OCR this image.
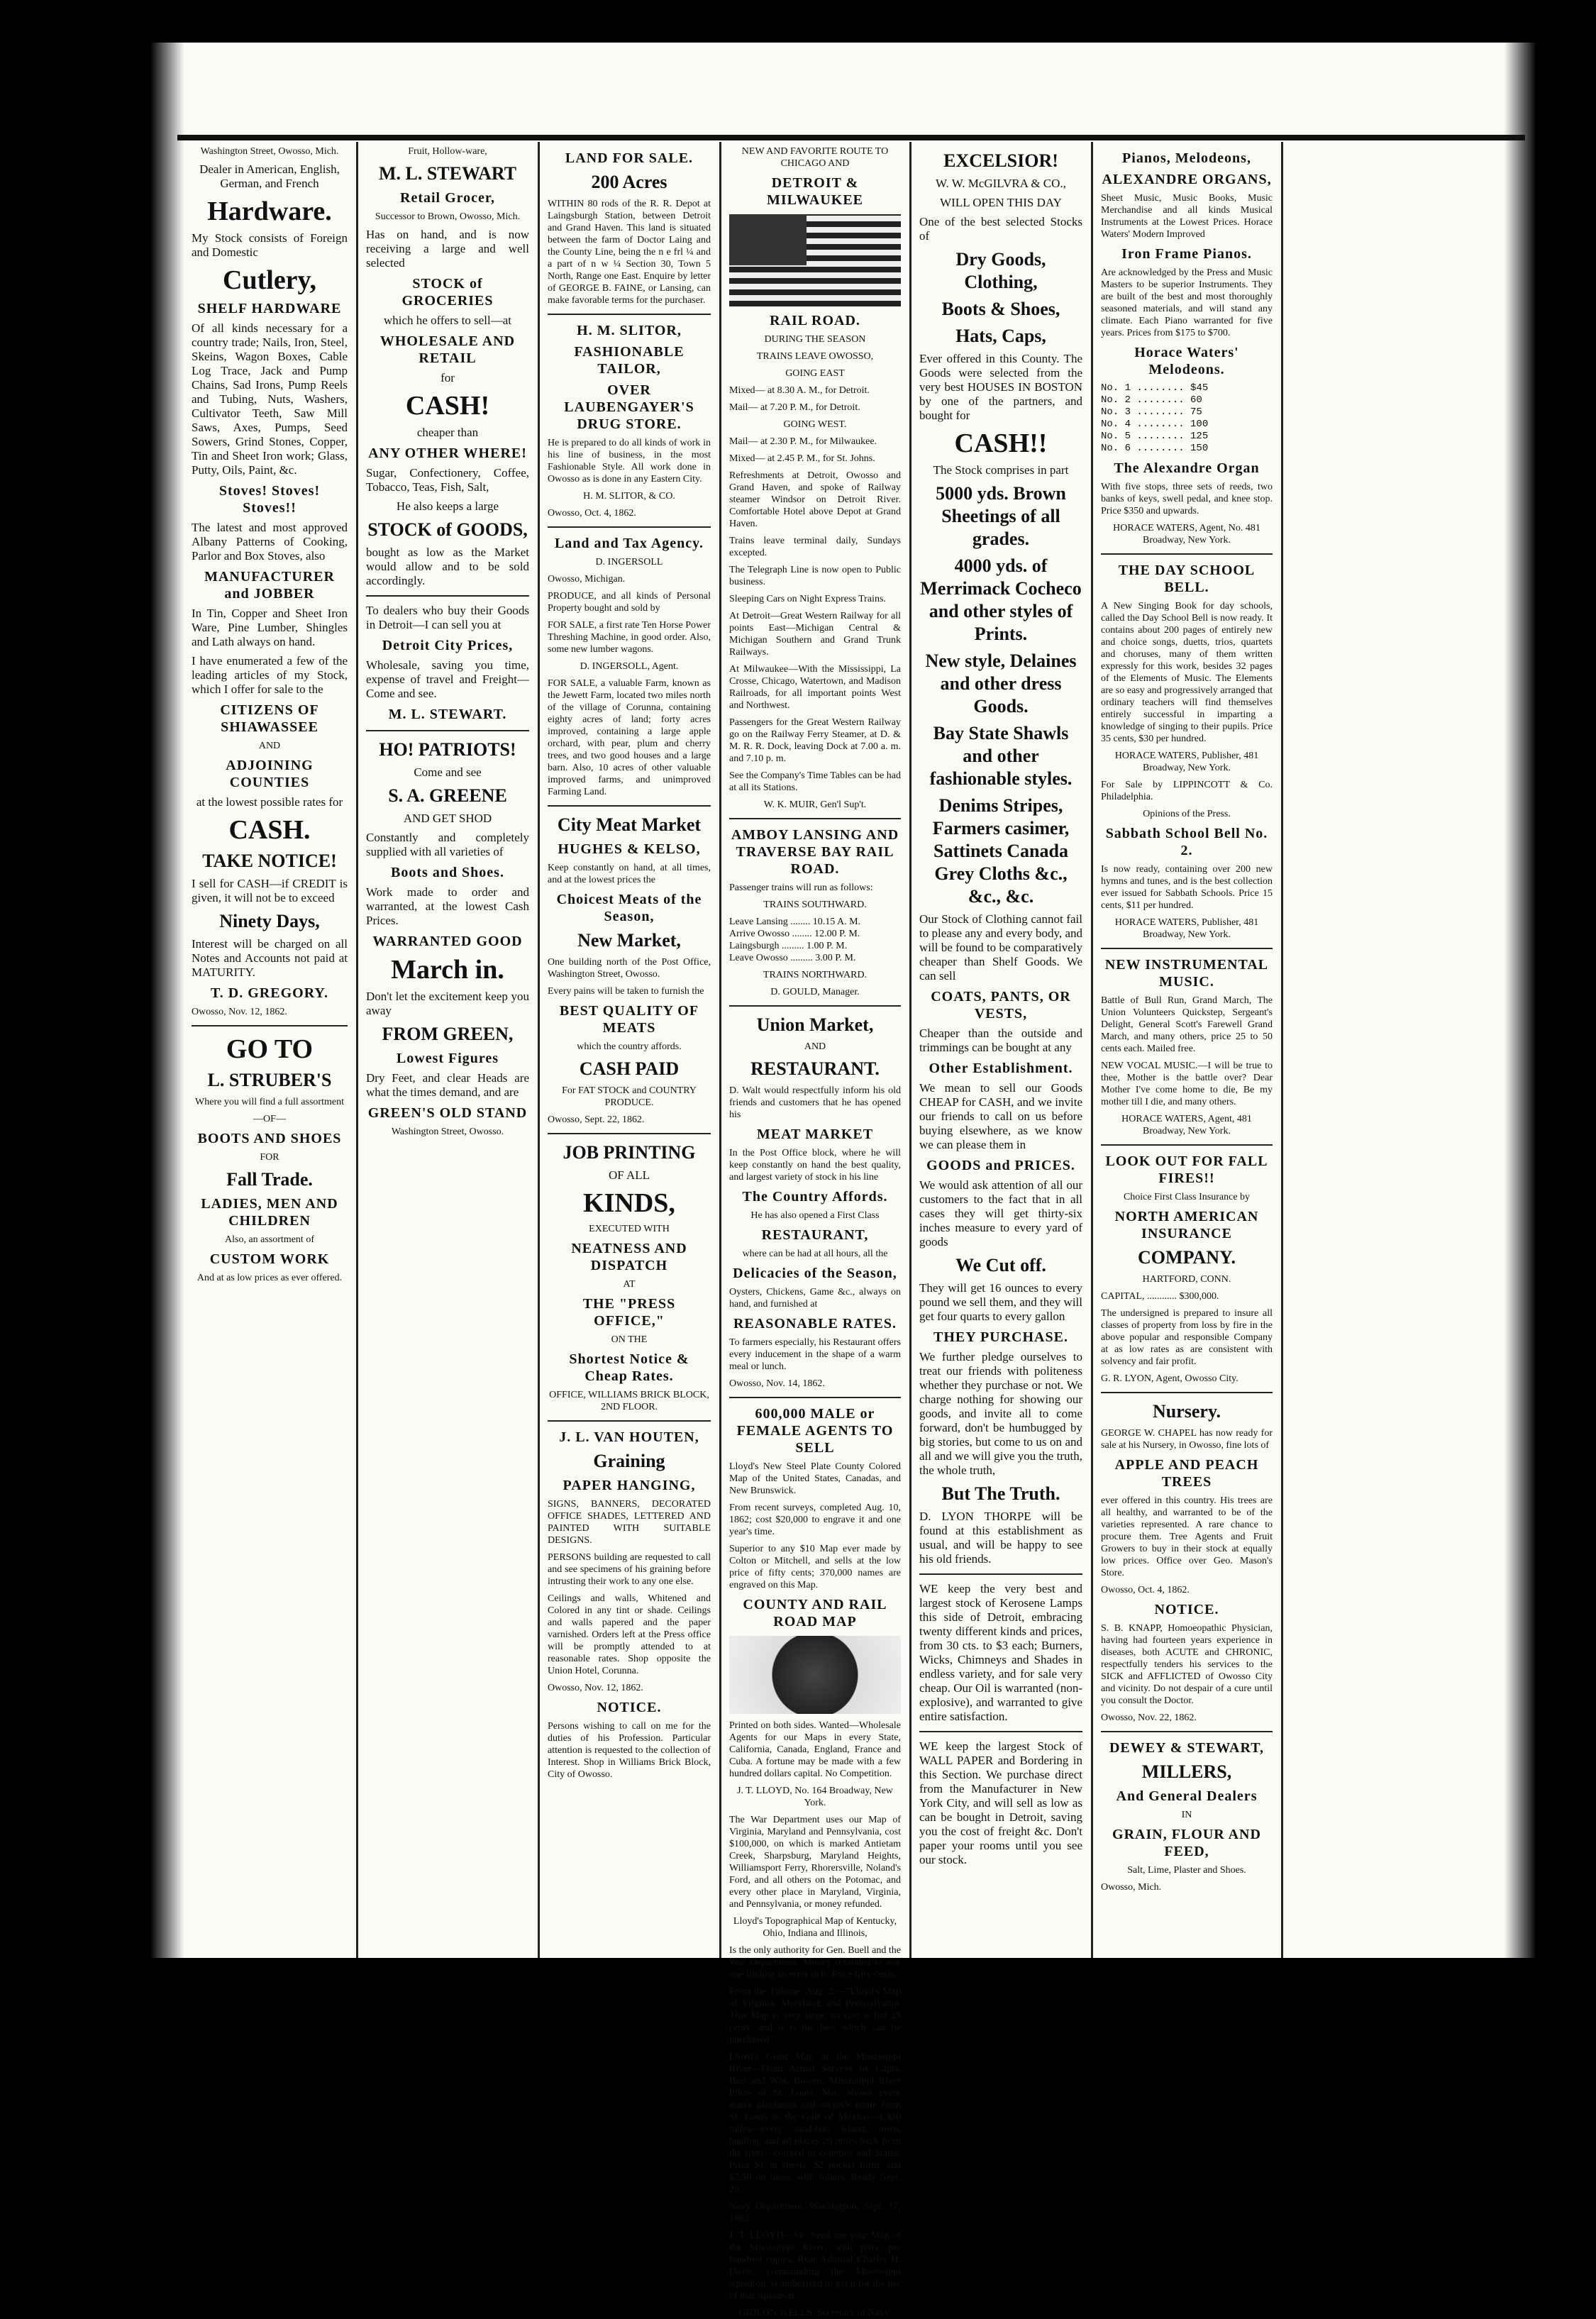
Washington Street, Owosso, Mich.

Dealer in American, English, German, and French

Hardware.

My Stock consists of Foreign and Domestic

Cutlery,
SHELF HARDWARE

Of all kinds necessary for a country trade; Nails, Iron, Steel, Skeins, Wagon Boxes, Cable Log Trace, Jack and Pump Chains, Sad Irons, Pump Reels and Tubing, Nuts, Washers, Cultivator Teeth, Saw Mill Saws, Axes, Pumps, Seed Sowers, Grind Stones, Copper, Tin and Sheet Iron work; Glass, Putty, Oils, Paint, &c.

Stoves! Stoves! Stoves!!

The latest and most approved Albany Patterns of Cooking, Parlor and Box Stoves, also

MANUFACTURER and JOBBER

In Tin, Copper and Sheet Iron Ware, Pine Lumber, Shingles and Lath always on hand.

I have enumerated a few of the leading articles of my Stock, which I offer for sale to the

CITIZENS OF SHIAWASSEE

AND

ADJOINING COUNTIES

at the lowest possible rates for

CASH.
TAKE NOTICE!

I sell for CASH—if CREDIT is given, it will not be to exceed

Ninety Days,

Interest will be charged on all Notes and Accounts not paid at MATURITY.

T. D. GREGORY.

Owosso, Nov. 12, 1862.

GO TO
L. STRUBER'S

Where you will find a full assortment

—OF—

BOOTS AND SHOES

FOR

Fall Trade.
LADIES, MEN AND CHILDREN

Also, an assortment of

CUSTOM WORK

And at as low prices as ever offered.

Fruit, Hollow-ware,

M. L. STEWART
Retail Grocer,

Successor to Brown, Owosso, Mich.

Has on hand, and is now receiving a large and well selected

STOCK of GROCERIES

which he offers to sell—at

WHOLESALE AND RETAIL

for

CASH!

cheaper than

ANY OTHER WHERE!

Sugar, Confectionery, Coffee, Tobacco, Teas, Fish, Salt,

He also keeps a large

STOCK of GOODS,

bought as low as the Market would allow and to be sold accordingly.

To dealers who buy their Goods in Detroit—I can sell you at

Detroit City Prices,

Wholesale, saving you time, expense of travel and Freight—Come and see.

M. L. STEWART.
HO! PATRIOTS!

Come and see

S. A. GREENE

AND GET SHOD

Constantly and completely supplied with all varieties of

Boots and Shoes.

Work made to order and warranted, at the lowest Cash Prices.

WARRANTED GOOD
March in.

Don't let the excitement keep you away

FROM GREEN,
Lowest Figures

Dry Feet, and clear Heads are what the times demand, and are

GREEN'S OLD STAND

Washington Street, Owosso.

LAND FOR SALE.
200 Acres

WITHIN 80 rods of the R. R. Depot at Laingsburgh Station, between Detroit and Grand Haven. This land is situated between the farm of Doctor Laing and the County Line, being the n e frl ¼ and a part of n w ¼ Section 30, Town 5 North, Range one East. Enquire by letter of GEORGE B. FAINE, or Lansing, can make favorable terms for the purchaser.

H. M. SLITOR,
FASHIONABLE TAILOR,
OVER LAUBENGAYER'S DRUG STORE.

He is prepared to do all kinds of work in his line of business, in the most Fashionable Style. All work done in Owosso as is done in any Eastern City.

H. M. SLITOR, & CO.

Owosso, Oct. 4, 1862.

Land and Tax Agency.

D. INGERSOLL

Owosso, Michigan.

PRODUCE, and all kinds of Personal Property bought and sold by

FOR SALE, a first rate Ten Horse Power Threshing Machine, in good order. Also, some new lumber wagons.

D. INGERSOLL, Agent.

FOR SALE, a valuable Farm, known as the Jewett Farm, located two miles north of the village of Corunna, containing eighty acres of land; forty acres improved, containing a large apple orchard, with pear, plum and cherry trees, and two good houses and a large barn. Also, 10 acres of other valuable improved farms, and unimproved Farming Land.

City Meat Market
HUGHES & KELSO,

Keep constantly on hand, at all times, and at the lowest prices the

Choicest Meats of the Season,
New Market,

One building north of the Post Office, Washington Street, Owosso.

Every pains will be taken to furnish the

BEST QUALITY OF MEATS

which the country affords.

CASH PAID

For FAT STOCK and COUNTRY PRODUCE.

Owosso, Sept. 22, 1862.

JOB PRINTING

OF ALL

KINDS,

EXECUTED WITH

NEATNESS AND DISPATCH

AT

THE "PRESS OFFICE,"

ON THE

Shortest Notice & Cheap Rates.

OFFICE, WILLIAMS BRICK BLOCK, 2ND FLOOR.

J. L. VAN HOUTEN,
Graining
PAPER HANGING,

SIGNS, BANNERS, DECORATED OFFICE SHADES, LETTERED AND PAINTED WITH SUITABLE DESIGNS.

PERSONS building are requested to call and see specimens of his graining before intrusting their work to any one else.

Ceilings and walls, Whitened and Colored in any tint or shade. Ceilings and walls papered and the paper varnished. Orders left at the Press office will be promptly attended to at reasonable rates. Shop opposite the Union Hotel, Corunna.

Owosso, Nov. 12, 1862.

NOTICE.

Persons wishing to call on me for the duties of his Profession. Particular attention is requested to the collection of Interest. Shop in Williams Brick Block, City of Owosso.

NEW AND FAVORITE ROUTE TO CHICAGO AND

DETROIT & MILWAUKEE
RAIL ROAD.

DURING THE SEASON

TRAINS LEAVE OWOSSO,

GOING EAST

Mixed— at 8.30 A. M., for Detroit.

Mail— at 7.20 P. M., for Detroit.

GOING WEST.

Mail— at 2.30 P. M., for Milwaukee.

Mixed— at 2.45 P. M., for St. Johns.

Refreshments at Detroit, Owosso and Grand Haven, and spoke of Railway steamer Windsor on Detroit River. Comfortable Hotel above Depot at Grand Haven.

Trains leave terminal daily, Sundays excepted.

The Telegraph Line is now open to Public business.

Sleeping Cars on Night Express Trains.

At Detroit—Great Western Railway for all points East—Michigan Central & Michigan Southern and Grand Trunk Railways.

At Milwaukee—With the Mississippi, La Crosse, Chicago, Watertown, and Madison Railroads, for all important points West and Northwest.

Passengers for the Great Western Railway go on the Railway Ferry Steamer, at D. & M. R. R. Dock, leaving Dock at 7.00 a. m. and 7.10 p. m.

See the Company's Time Tables can be had at all its Stations.

W. K. MUIR, Gen'l Sup't.

AMBOY LANSING AND TRAVERSE BAY RAIL ROAD.

Passenger trains will run as follows:

TRAINS SOUTHWARD.

Leave Lansing ........ 10.15 A. M.
Arrive Owosso ........ 12.00 P. M.
Laingsburgh ......... 1.00 P. M.
Leave Owosso ......... 3.00 P. M.

TRAINS NORTHWARD.

D. GOULD, Manager.

Union Market,

AND

RESTAURANT.

D. Walt would respectfully inform his old friends and customers that he has opened his

MEAT MARKET

In the Post Office block, where he will keep constantly on hand the best quality, and largest variety of stock in his line

The Country Affords.

He has also opened a First Class

RESTAURANT,

where can be had at all hours, all the

Delicacies of the Season,

Oysters, Chickens, Game &c., always on hand, and furnished at

REASONABLE RATES.

To farmers especially, his Restaurant offers every inducement in the shape of a warm meal or lunch.

Owosso, Nov. 14, 1862.

600,000 MALE or FEMALE AGENTS TO SELL

Lloyd's New Steel Plate County Colored Map of the United States, Canadas, and New Brunswick.

From recent surveys, completed Aug. 10, 1862; cost $20,000 to engrave it and one year's time.

Superior to any $10 Map ever made by Colton or Mitchell, and sells at the low price of fifty cents; 370,000 names are engraved on this Map.

COUNTY AND RAIL ROAD MAP

Printed on both sides. Wanted—Wholesale Agents for our Maps in every State, California, Canada, England, France and Cuba. A fortune may be made with a few hundred dollars capital. No Competition.

J. T. LLOYD, No. 164 Broadway, New York.

The War Department uses our Map of Virginia, Maryland and Pennsylvania, cost $100,000, on which is marked Antietam Creek, Sharpsburg, Maryland Heights, Williamsport Ferry, Rhorersville, Noland's Ford, and all others on the Potomac, and every other place in Maryland, Virginia, and Pennsylvania, or money refunded.

Lloyd's Topographical Map of Kentucky, Ohio, Indiana and Illinois,

Is the only authority for Gen. Buell and the War Department. Money refunded to any one finding an error in it. Price fifty cents.

From the Tribune, Aug. 2.—"Lloyd's Map of Virginia, Maryland, and Pennsylvania. This Map is very large; its cost is but 25 cents, and it is the best which can be purchased."

Lloyd's Great Map of the Mississippi River—From Actual Surveys by Capts. Bart and Wm. Bowen, Mississippi River Pilots of St. Louis, Mo., shows every man's plantation and owner's name from St. Louis to the Gulf of Mexico—1,350 miles—every sand-bar, island, town, landing, and all places 20 miles back from the river—colored in counties and States. Price $1 in sheets. $2 pocket form, and $2.50 on linen, with rollers. Ready Sept. 20.

Navy Department, Washington, Sept. 17, 1862.

J. T. LLOYD—Sir: Send me your Map of the Mississippi River, with price per hundred copies. Rear Admiral Charles H. Davis, commanding the Mississippi squadron, is authorized to get it for the use of that squadron.

GIDEON WELLS, Secretary of Navy.

EXCELSIOR!

W. W. McGILVRA & CO.,

WILL OPEN THIS DAY

One of the best selected Stocks of

Dry Goods, Clothing,
Boots & Shoes,
Hats, Caps,

Ever offered in this County. The Goods were selected from the very best HOUSES IN BOSTON by one of the partners, and bought for

CASH!!

The Stock comprises in part

5000 yds. Brown Sheetings of all grades.
4000 yds. of Merrimack Cocheco and other styles of Prints.
New style, Delaines and other dress Goods.
Bay State Shawls and other fashionable styles.
Denims Stripes, Farmers casimer, Sattinets Canada Grey Cloths &c., &c., &c.

Our Stock of Clothing cannot fail to please any and every body, and will be found to be comparatively cheaper than Shelf Goods. We can sell

COATS, PANTS, OR VESTS,

Cheaper than the outside and trimmings can be bought at any

Other Establishment.

We mean to sell our Goods CHEAP for CASH, and we invite our friends to call on us before buying elsewhere, as we know we can please them in

GOODS and PRICES.

We would ask attention of all our customers to the fact that in all cases they will get thirty-six inches measure to every yard of goods

We Cut off.

They will get 16 ounces to every pound we sell them, and they will get four quarts to every gallon

THEY PURCHASE.

We further pledge ourselves to treat our friends with politeness whether they purchase or not. We charge nothing for showing our goods, and invite all to come forward, don't be humbugged by big stories, but come to us on and all and we will give you the truth, the whole truth,

But The Truth.

D. LYON THORPE will be found at this establishment as usual, and will be happy to see his old friends.

WE keep the very best and largest stock of Kerosene Lamps this side of Detroit, embracing twenty different kinds and prices, from 30 cts. to $3 each; Burners, Wicks, Chimneys and Shades in endless variety, and for sale very cheap. Our Oil is warranted (non-explosive), and warranted to give entire satisfaction.

WE keep the largest Stock of WALL PAPER and Bordering in this Section. We purchase direct from the Manufacturer in New York City, and will sell as low as can be bought in Detroit, saving you the cost of freight &c. Don't paper your rooms until you see our stock.

Pianos, Melodeons,
ALEXANDRE ORGANS,

Sheet Music, Music Books, Music Merchandise and all kinds Musical Instruments at the Lowest Prices. Horace Waters' Modern Improved

Iron Frame Pianos.

Are acknowledged by the Press and Music Masters to be superior Instruments. They are built of the best and most thoroughly seasoned materials, and will stand any climate. Each Piano warranted for five years. Prices from $175 to $700.

Horace Waters' Melodeons.

No. 1 ........ $45
No. 2 ........ 60
No. 3 ........ 75
No. 4 ........ 100
No. 5 ........ 125
No. 6 ........ 150

The Alexandre Organ

With five stops, three sets of reeds, two banks of keys, swell pedal, and knee stop. Price $350 and upwards.

HORACE WATERS, Agent, No. 481 Broadway, New York.

THE DAY SCHOOL BELL.

A New Singing Book for day schools, called the Day School Bell is now ready. It contains about 200 pages of entirely new and choice songs, duetts, trios, quartets and choruses, many of them written expressly for this work, besides 32 pages of the Elements of Music. The Elements are so easy and progressively arranged that ordinary teachers will find themselves entirely successful in imparting a knowledge of singing to their pupils. Price 35 cents, $30 per hundred.

HORACE WATERS, Publisher, 481 Broadway, New York.

For Sale by LIPPINCOTT & Co. Philadelphia.

Opinions of the Press.

Sabbath School Bell No. 2.

Is now ready, containing over 200 new hymns and tunes, and is the best collection ever issued for Sabbath Schools. Price 15 cents, $11 per hundred.

HORACE WATERS, Publisher, 481 Broadway, New York.

NEW INSTRUMENTAL MUSIC.

Battle of Bull Run, Grand March, The Union Volunteers Quickstep, Sergeant's Delight, General Scott's Farewell Grand March, and many others, price 25 to 50 cents each. Mailed free.

NEW VOCAL MUSIC.—I will be true to thee, Mother is the battle over? Dear Mother I've come home to die, Be my mother till I die, and many others.

HORACE WATERS, Agent, 481 Broadway, New York.

LOOK OUT FOR FALL FIRES!!

Choice First Class Insurance by

NORTH AMERICAN INSURANCE
COMPANY.

HARTFORD, CONN.

CAPITAL, ............ $300,000.

The undersigned is prepared to insure all classes of property from loss by fire in the above popular and responsible Company at as low rates as are consistent with solvency and fair profit.

G. R. LYON, Agent, Owosso City.

Nursery.

GEORGE W. CHAPEL has now ready for sale at his Nursery, in Owosso, fine lots of

APPLE AND PEACH TREES

ever offered in this country. His trees are all healthy, and warranted to be of the varieties represented. A rare chance to procure them. Tree Agents and Fruit Growers to buy in their stock at equally low prices. Office over Geo. Mason's Store.

Owosso, Oct. 4, 1862.

NOTICE.

S. B. KNAPP, Homoeopathic Physician, having had fourteen years experience in diseases, both ACUTE and CHRONIC, respectfully tenders his services to the SICK and AFFLICTED of Owosso City and vicinity. Do not despair of a cure until you consult the Doctor.

Owosso, Nov. 22, 1862.

DEWEY & STEWART,
MILLERS,
And General Dealers

IN

GRAIN, FLOUR AND FEED,

Salt, Lime, Plaster and Shoes.

Owosso, Mich.
